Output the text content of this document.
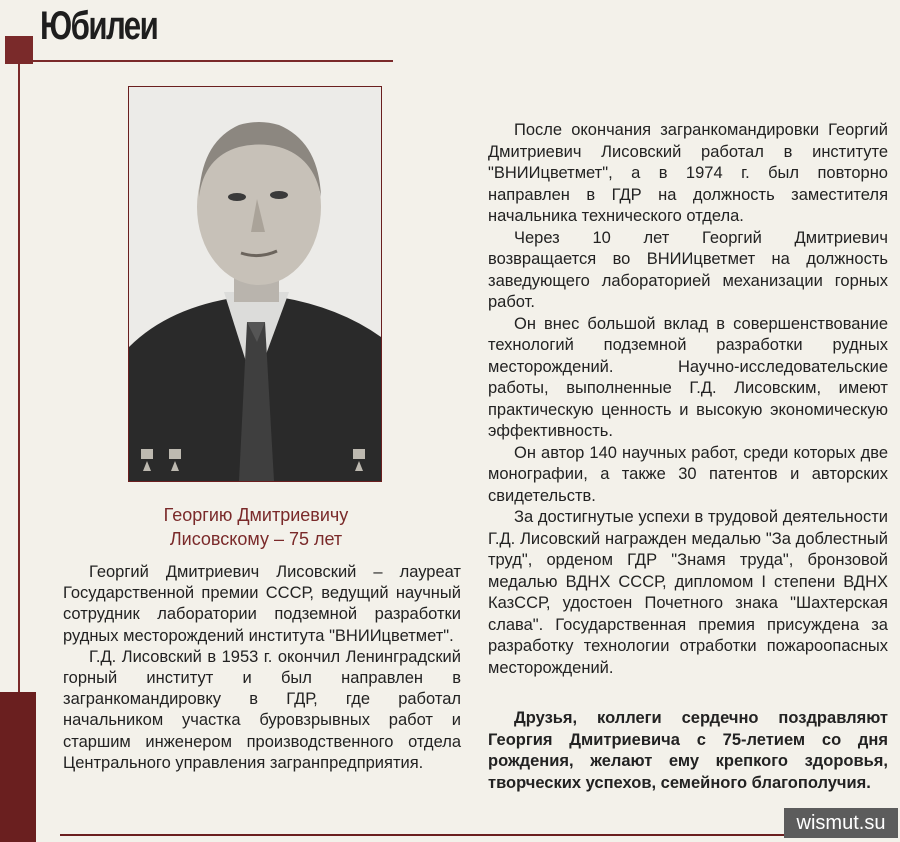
Юбилеи
Георгию Дмитриевичу
Лисовскому – 75 лет

Георгий Дмитриевич Лисовский – лауреат Государственной премии СССР, ведущий научный сотрудник лаборатории подземной разработки рудных месторождений института "ВНИИцветмет".

Г.Д. Лисовский в 1953 г. окончил Ленинградский горный институт и был направлен в загранкомандировку в ГДР, где работал начальником участка буровзрывных работ и старшим инженером производственного отдела Центрального управления загранпредприятия.

После окончания загранкомандировки Георгий Дмитриевич Лисовский работал в институте "ВНИИцветмет", а в 1974 г. был повторно направлен в ГДР на должность заместителя начальника технического отдела.

Через 10 лет Георгий Дмитриевич возвращается во ВНИИцветмет на должность заведующего лабораторией механизации горных работ.

Он внес большой вклад в совершенствование технологий подземной разработки рудных месторождений. Научно-исследовательские работы, выполненные Г.Д. Лисовским, имеют практическую ценность и высокую экономическую эффективность.

Он автор 140 научных работ, среди которых две монографии, а также 30 патентов и авторских свидетельств.

За достигнутые успехи в трудовой деятельности Г.Д. Лисовский награжден медалью "За доблестный труд", орденом ГДР "Знамя труда", бронзовой медалью ВДНХ СССР, дипломом I степени ВДНХ КазССР, удостоен Почетного знака "Шахтерская слава". Государственная премия присуждена за разработку технологии отработки пожароопасных месторождений.

Друзья, коллеги сердечно поздравляют Георгия Дмитриевича с 75-летием со дня рождения, желают ему крепкого здоровья, творческих успехов, семейного благополучия.

wismut.su
